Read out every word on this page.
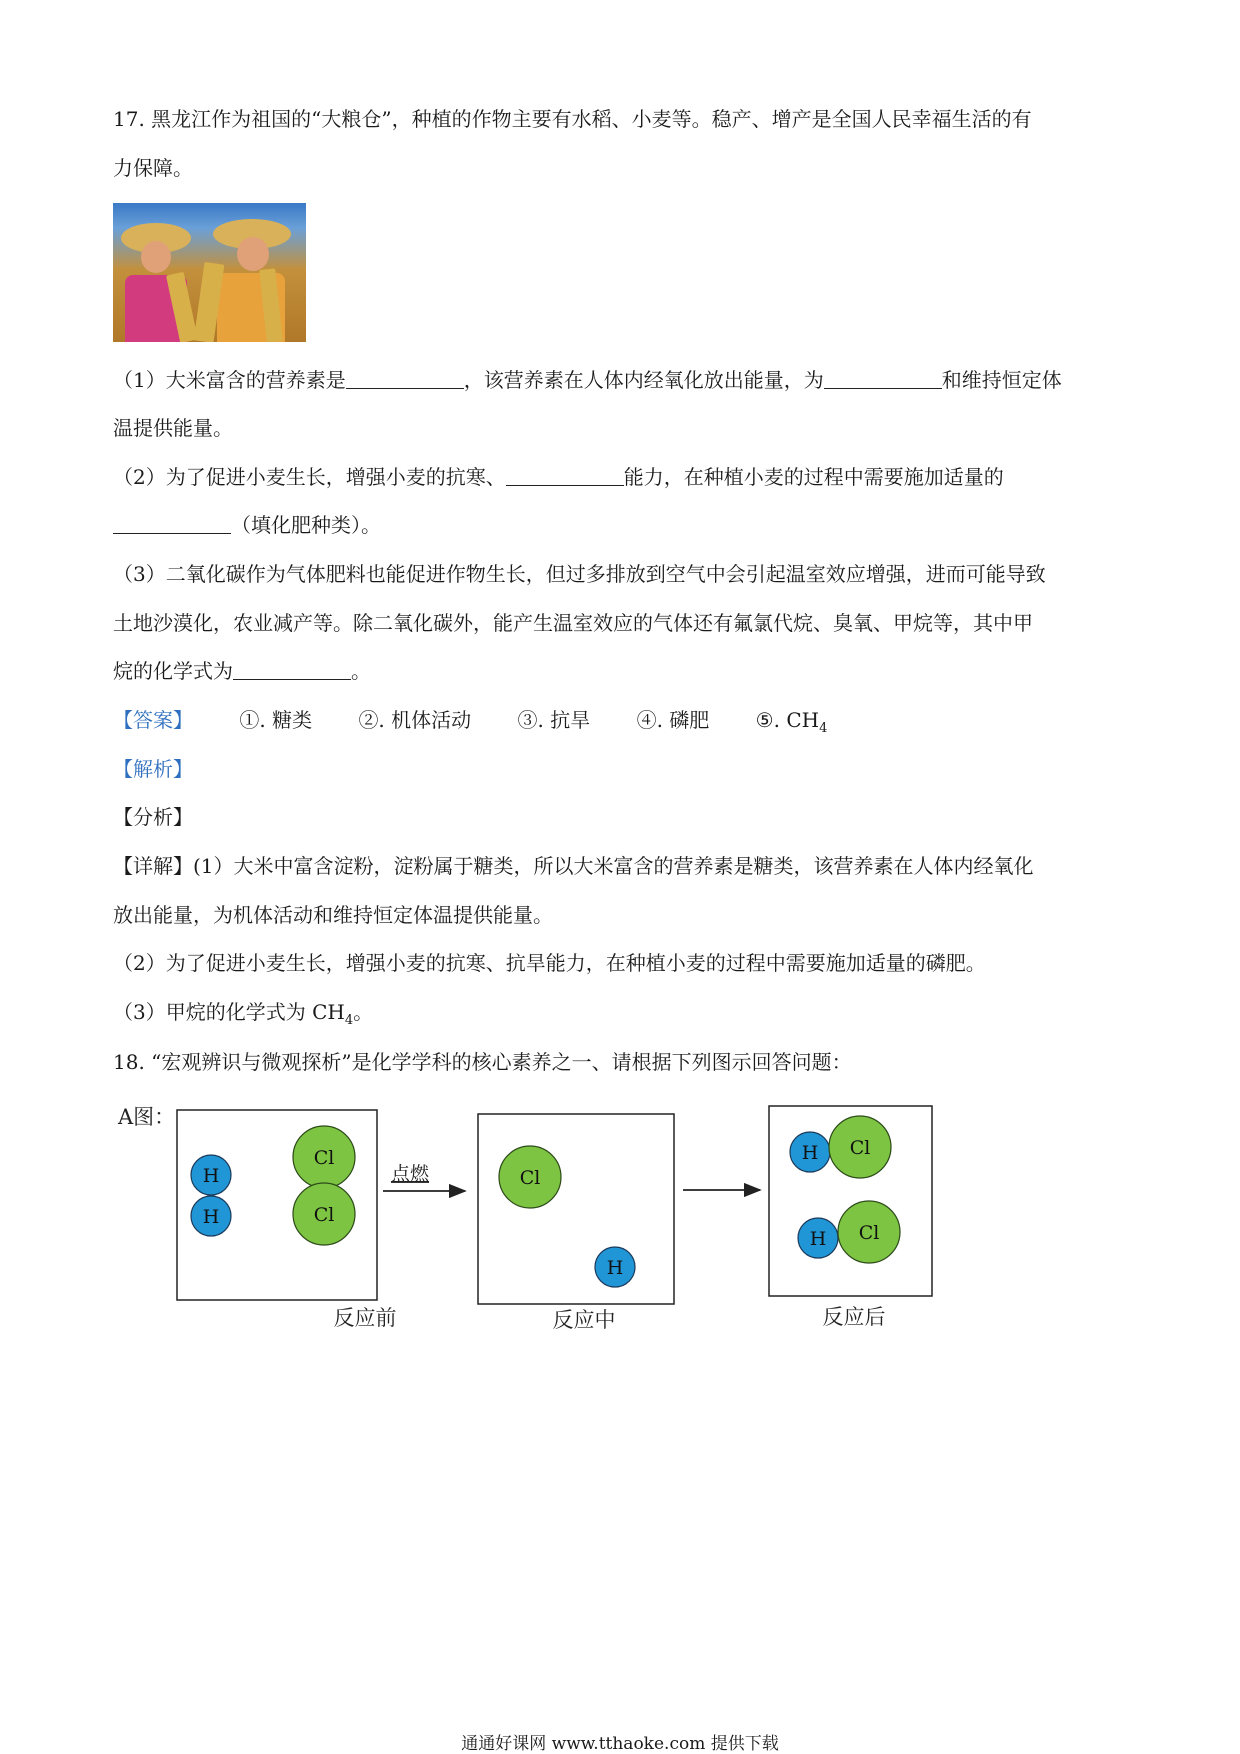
17. 黑龙江作为祖国的“大粮仓”，种植的作物主要有水稻、小麦等。稳产、增产是全国人民幸福生活的有
力保障。
（1）大米富含的营养素是	，该营养素在人体内经氧化放出能量，为	和维持恒定体
温提供能量。
（2）为了促进小麦生长，增强小麦的抗寒、	能力，在种植小麦的过程中需要施加适量的
（填化肥种类）。
（3）二氧化碳作为气体肥料也能促进作物生长，但过多排放到空气中会引起温室效应增强，进而可能导致
土地沙漠化，农业减产等。除二氧化碳外，能产生温室效应的气体还有氟氯代烷、臭氧、甲烷等，其中甲
烷的化学式为	。
【答案】 ①. 糖类 ②. 机体活动 ③. 抗旱 ④. 磷肥 ⑤. $CH_4$
【解析】
【分析】
【详解】(1）大米中富含淀粉，淀粉属于糖类，所以大米富含的营养素是糖类，该营养素在人体内经氧化
放出能量，为机体活动和维持恒定体温提供能量。
（2）为了促进小麦生长，增强小麦的抗寒、抗旱能力，在种植小麦的过程中需要施加适量的磷肥。
（3）甲烷的化学式为 $CH_4$。
18. “宏观辨识与微观探析”是化学学科的核心素养之一、请根据下列图示回答问题：
A图：
H
H
Cl
Cl
反应前
点燃	Cl
H
反应中
H Cl
H Cl
反应后
通通好课网 www.tthaoke.com 提供下载
